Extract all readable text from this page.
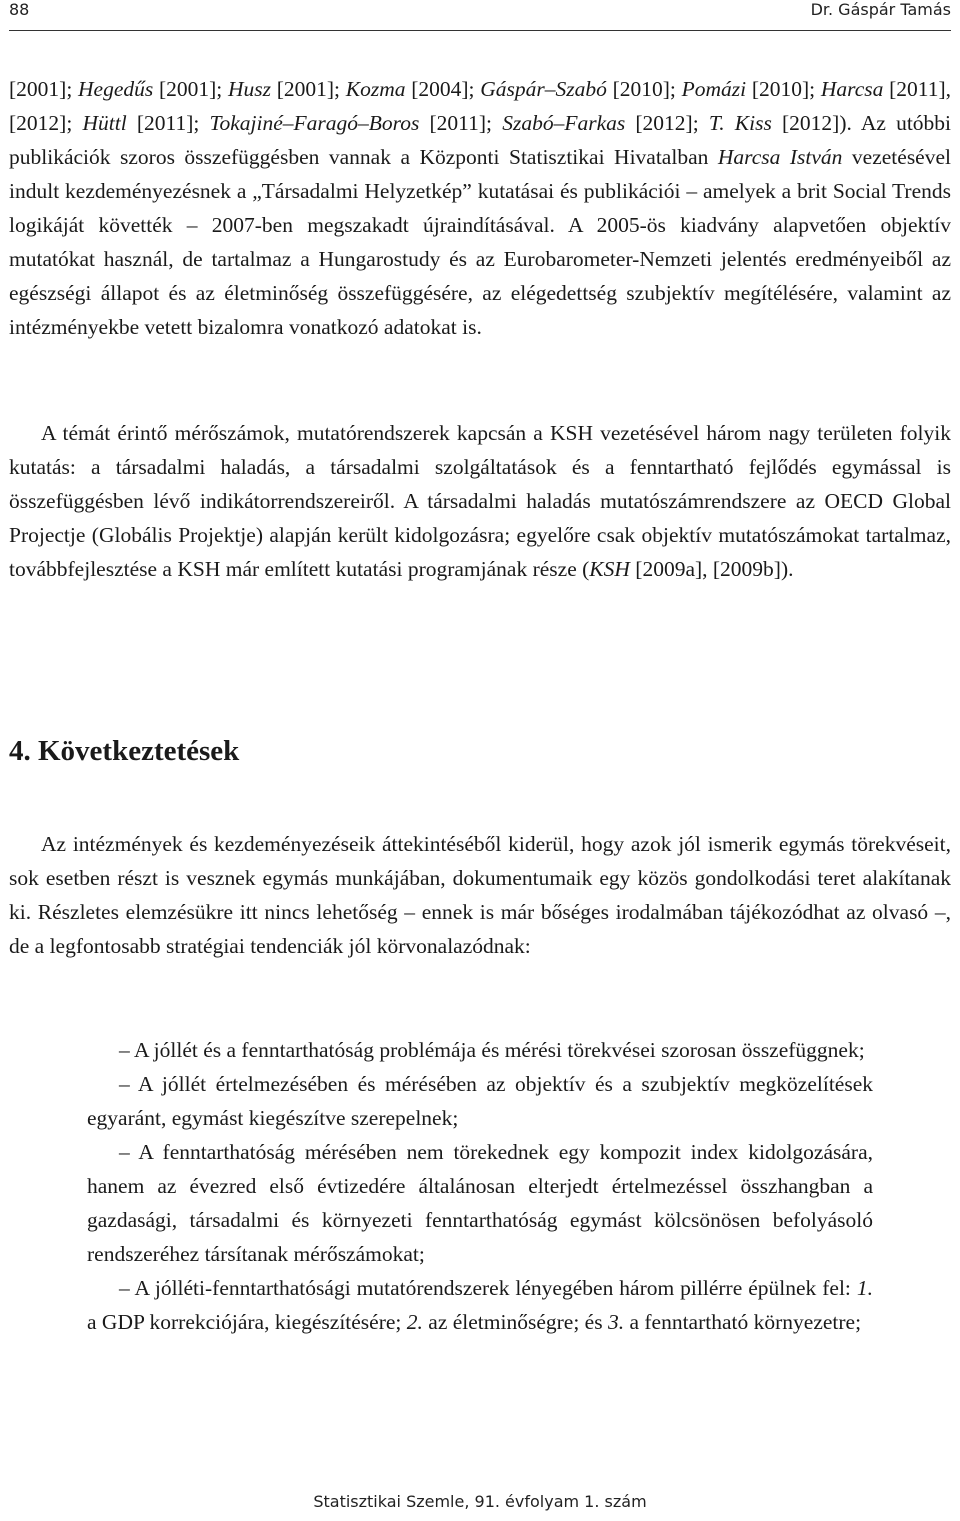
88	Dr. Gáspár Tamás

[2001]; Hegedűs [2001]; Husz [2001]; Kozma [2004]; Gáspár–Szabó [2010]; Pomázi [2010]; Harcsa [2011], [2012]; Hüttl [2011]; Tokajiné–Faragó–Boros [2011]; Szabó–Farkas [2012]; T. Kiss [2012]). Az utóbbi publikációk szoros összefüggésben vannak a Központi Statisztikai Hivatalban Harcsa István vezetésével indult kezdeményezésnek a „Társadalmi Helyzetkép” kutatásai és publikációi – amelyek a brit Social Trends logikáját követték – 2007-ben megszakadt újraindításával. A 2005-ös kiadvány alapvetően objektív mutatókat használ, de tartalmaz a Hungarostudy és az Eurobarometer-Nemzeti jelentés eredményeiből az egészségi állapot és az életminőség összefüggésére, az elégedettség szubjektív megítélésére, valamint az intézményekbe vetett bizalomra vonatkozó adatokat is.

A témát érintő mérőszámok, mutatórendszerek kapcsán a KSH vezetésével három nagy területen folyik kutatás: a társadalmi haladás, a társadalmi szolgáltatások és a fenntartható fejlődés egymással is összefüggésben lévő indikátorrendszereiről. A társadalmi haladás mutatószámrendszere az OECD Global Projectje (Globális Projektje) alapján került kidolgozásra; egyelőre csak objektív mutatószámokat tartalmaz, továbbfejlesztése a KSH már említett kutatási programjának része (KSH [2009a], [2009b]).

4. Következtetések

Az intézmények és kezdeményezéseik áttekintéséből kiderül, hogy azok jól ismerik egymás törekvéseit, sok esetben részt is vesznek egymás munkájában, dokumentumaik egy közös gondolkodási teret alakítanak ki. Részletes elemzésükre itt nincs lehetőség – ennek is már bőséges irodalmában tájékozódhat az olvasó –, de a legfontosabb stratégiai tendenciák jól körvonalazódnak:

– A jóllét és a fenntarthatóság problémája és mérési törekvései szorosan összefüggnek;
– A jóllét értelmezésében és mérésében az objektív és a szubjektív megközelítések egyaránt, egymást kiegészítve szerepelnek;
– A fenntarthatóság mérésében nem törekednek egy kompozit index kidolgozására, hanem az évezred első évtizedére általánosan elterjedt értelmezéssel összhangban a gazdasági, társadalmi és környezeti fenntarthatóság egymást kölcsönösen befolyásoló rendszeréhez társítanak mérőszámokat;
– A jólléti-fenntarthatósági mutatórendszerek lényegében három pillérre épülnek fel: 1. a GDP korrekciójára, kiegészítésére; 2. az életminőségre; és 3. a fenntartható környezetre;
Statisztikai Szemle, 91. évfolyam 1. szám
